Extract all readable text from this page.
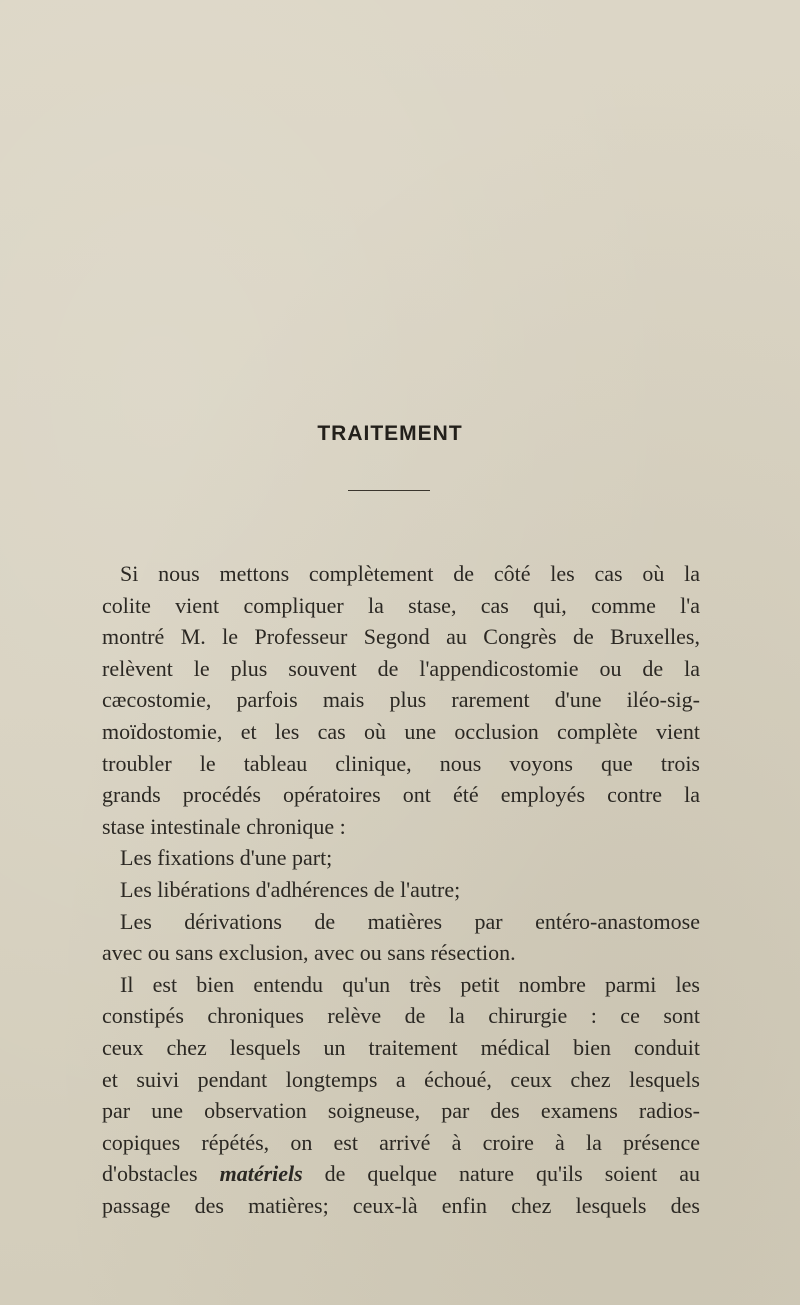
TRAITEMENT
Si nous mettons complètement de côté les cas où la
colite vient compliquer la stase, cas qui, comme l'a
montré M. le Professeur Segond au Congrès de Bruxelles,
relèvent le plus souvent de l'appendicostomie ou de la
cæcostomie, parfois mais plus rarement d'une iléo-sig-
moïdostomie, et les cas où une occlusion complète vient
troubler le tableau clinique, nous voyons que trois
grands procédés opératoires ont été employés contre la
stase intestinale chronique :
Les fixations d'une part;
Les libérations d'adhérences de l'autre;
Les dérivations de matières par entéro-anastomose
avec ou sans exclusion, avec ou sans résection.
Il est bien entendu qu'un très petit nombre parmi les
constipés chroniques relève de la chirurgie : ce sont
ceux chez lesquels un traitement médical bien conduit
et suivi pendant longtemps a échoué, ceux chez lesquels
par une observation soigneuse, par des examens radios-
copiques répétés, on est arrivé à croire à la présence
d'obstacles matériels de quelque nature qu'ils soient au
passage des matières; ceux-là enfin chez lesquels des
